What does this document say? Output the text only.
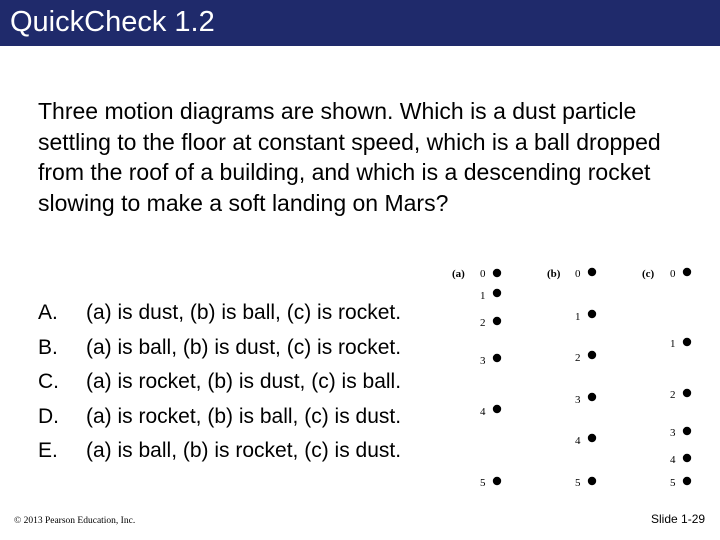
QuickCheck 1.2

Three motion diagrams are shown. Which is a dust particle settling to the floor at constant speed, which is a ball dropped from the roof of a building, and which is a descending rocket slowing to make a soft landing on Mars?

A. (a) is dust, (b) is ball, (c) is rocket.
B. (a) is ball, (b) is dust, (c) is rocket.
C. (a) is rocket, (b) is dust, (c) is ball.
D. (a) is rocket, (b) is ball, (c) is dust.
E. (a) is ball, (b) is rocket, (c) is dust.
(a) 0
1
2
3
4
5
(b) 0
1
2
3
4
5
(c) 0
1
2
3
4
5
© 2013 Pearson Education, Inc.	Slide 1-29
